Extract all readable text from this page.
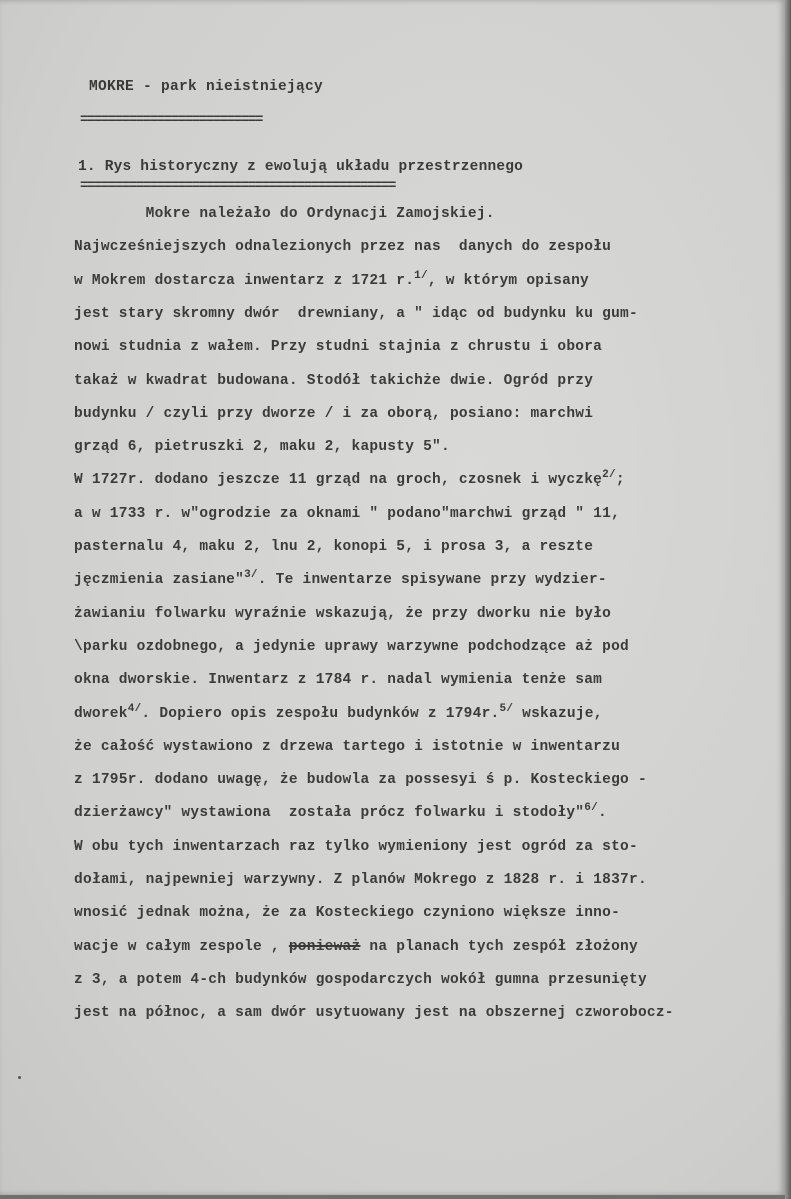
MOKRE - park nieistniejący
==========================
1. Rys historyczny z ewolują układu przestrzennego
=============================================
Mokre należało do Ordynacji Zamojskiej.
Najwcześniejszych odnalezionych przez nas  danych do zespołu
w Mokrem dostarcza inwentarz z 1721 r.$^{1/}$, w którym opisany
jest stary skromny dwór  drewniany, a " idąc od budynku ku gum-
nowi studnia z wałem. Przy studni stajnia z chrustu i obora
takaż w kwadrat budowana. Stodół takichże dwie. Ogród przy
budynku / czyli przy dworze / i za oborą, posiano: marchwi
grząd 6, pietruszki 2, maku 2, kapusty 5".
W 1727r. dodano jeszcze 11 grząd na groch, czosnek i wyczkę$^{2/}$;
a w 1733 r. w"ogrodzie za oknami " podano"marchwi grząd " 11,
pasternalu 4, maku 2, lnu 2, konopi 5, i prosa 3, a reszte
jęczmienia zasiane"$^{3/}$. Te inwentarze spisywane przy wydzier-
żawianiu folwarku wyraźnie wskazują, że przy dworku nie było
\parku ozdobnego, a jedynie uprawy warzywne podchodzące aż pod
okna dworskie. Inwentarz z 1784 r. nadal wymienia tenże sam
dworek$^{4/}$. Dopiero opis zespołu budynków z 1794r.$^{5/}$ wskazuje,
że całość wystawiono z drzewa tartego i istotnie w inwentarzu
z 1795r. dodano uwagę, że budowla za possesyi ś p. Kosteckiego -
dzierżawcy" wystawiona  została prócz folwarku i stodoły"$^{6/}$.
W obu tych inwentarzach raz tylko wymieniony jest ogród za sto-
dołami, najpewniej warzywny. Z planów Mokrego z 1828 r. i 1837r.
wnosić jednak można, że za Kosteckiego czyniono większe inno-
wacje w całym zespole , ponieważ na planach tych zespół złożony
z 3, a potem 4-ch budynków gospodarczych wokół gumna przesunięty
jest na północ, a sam dwór usytuowany jest na obszernej czworobocz-
